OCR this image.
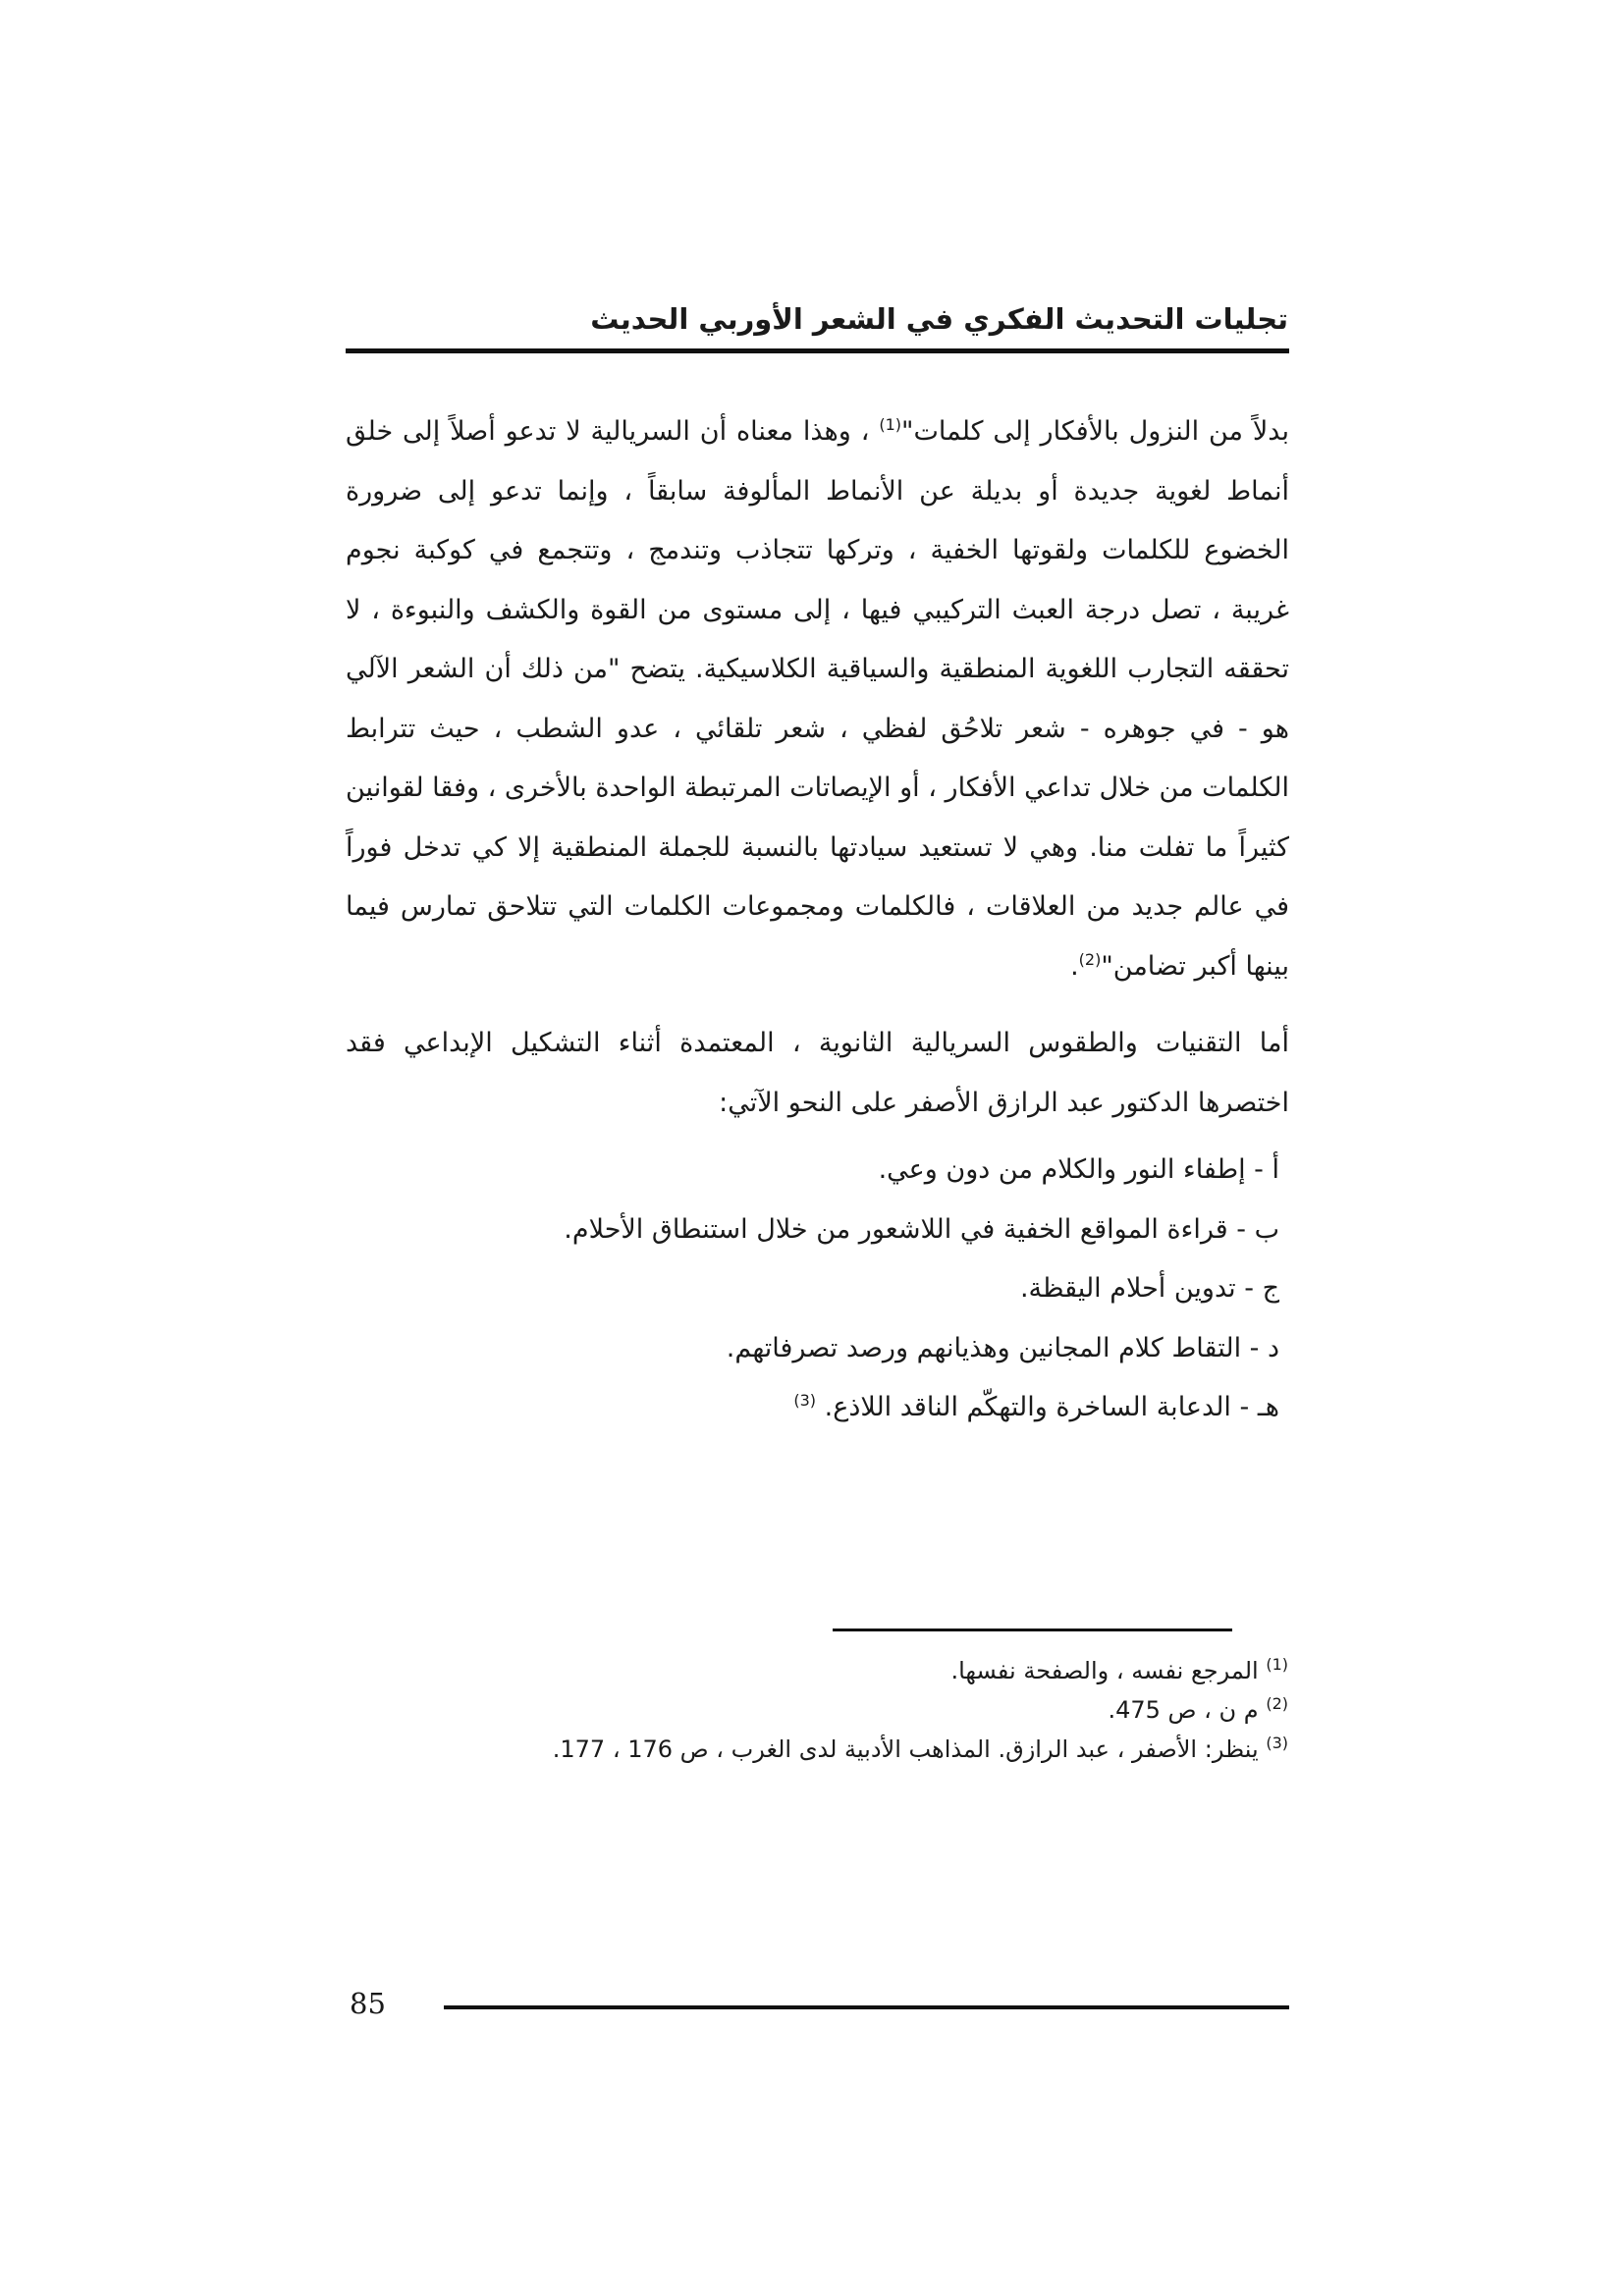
تجليات التحديث الفكري في الشعر الأوربي الحديث

بدلاً من النزول بالأفكار إلى كلمات"$^{(1)}$ ، وهذا معناه أن السريالية لا تدعو أصلاً إلى خلق أنماط لغوية جديدة أو بديلة عن الأنماط المألوفة سابقاً ، وإنما تدعو إلى ضرورة الخضوع للكلمات ولقوتها الخفية ، وتركها تتجاذب وتندمج ، وتتجمع في كوكبة نجوم غريبة ، تصل درجة العبث التركيبي فيها ، إلى مستوى من القوة والكشف والنبوءة ، لا تحققه التجارب اللغوية المنطقية والسياقية الكلاسيكية. يتضح "من ذلك أن الشعر الآلي هو - في جوهره - شعر تلاحُق لفظي ، شعر تلقائي ، عدو الشطب ، حيث تترابط الكلمات من خلال تداعي الأفكار ، أو الإيصاتات المرتبطة الواحدة بالأخرى ، وفقا لقوانين كثيراً ما تفلت منا. وهي لا تستعيد سيادتها بالنسبة للجملة المنطقية إلا كي تدخل فوراً في عالم جديد من العلاقات ، فالكلمات ومجموعات الكلمات التي تتلاحق تمارس فيما بينها أكبر تضامن"$^{(2)}$.

أما التقنيات والطقوس السريالية الثانوية ، المعتمدة أثناء التشكيل الإبداعي فقد اختصرها الدكتور عبد الرازق الأصفر على النحو الآتي:

أ - إطفاء النور والكلام من دون وعي.
ب - قراءة المواقع الخفية في اللاشعور من خلال استنطاق الأحلام.
ج - تدوين أحلام اليقظة.
د - التقاط كلام المجانين وهذيانهم ورصد تصرفاتهم.
هـ - الدعابة الساخرة والتهكّم الناقد اللاذع. $^{(3)}$
$^{(1)}$ المرجع نفسه ، والصفحة نفسها.
$^{(2)}$ م ن ، ص 475.
$^{(3)}$ ينظر: الأصفر ، عبد الرازق. المذاهب الأدبية لدى الغرب ، ص 176 ، 177.
85
